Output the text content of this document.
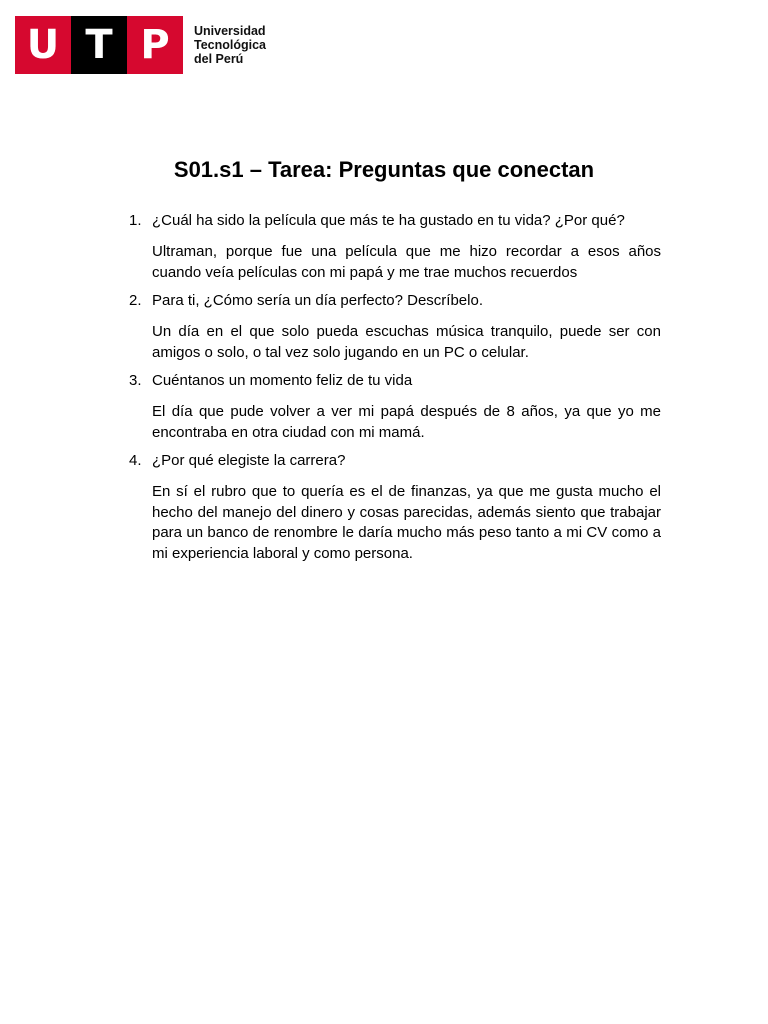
U T P	Universidad
Tecnológica
del Perú
S01.s1 – Tarea: Preguntas que conectan
1. ¿Cuál ha sido la película que más te ha gustado en tu vida? ¿Por qué?

Ultraman, porque fue una película que me hizo recordar a esos años cuando veía películas con mi papá y me trae muchos recuerdos

2. Para ti, ¿Cómo sería un día perfecto? Descríbelo.

Un día en el que solo pueda escuchas música tranquilo, puede ser con amigos o solo, o tal vez solo jugando en un PC o celular.

3. Cuéntanos un momento feliz de tu vida

El día que pude volver a ver mi papá después de 8 años, ya que yo me encontraba en otra ciudad con mi mamá.

4. ¿Por qué elegiste la carrera?

En sí el rubro que to quería es el de finanzas, ya que me gusta mucho el hecho del manejo del dinero y cosas parecidas, además siento que trabajar para un banco de renombre le daría mucho más peso tanto a mi CV como a mi experiencia laboral y como persona.
